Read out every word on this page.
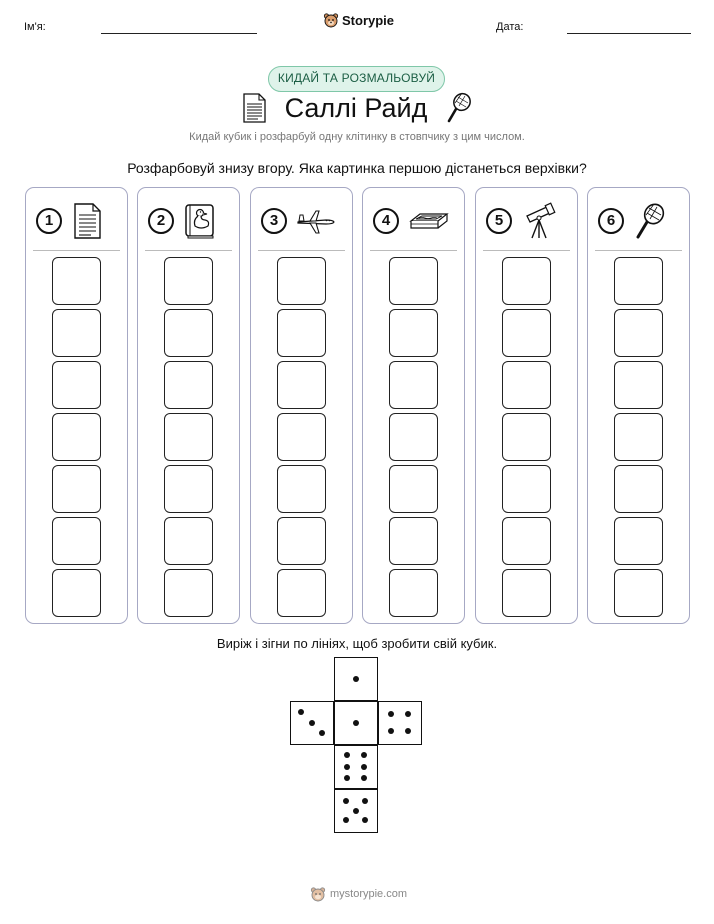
Ім'я:	Storypie	Дата:
КИДАЙ ТА РОЗМАЛЬОВУЙ
Саллі Райд
Кидай кубик і розфарбуй одну клітинку в стовпчику з цим числом.
Розфарбовуй знизу вгору. Яка картинка першою дістанеться верхівки?
1	2	3	4	5	6
Виріж і зігни по лініях, щоб зробити свій кубик.
mystorypie.com
